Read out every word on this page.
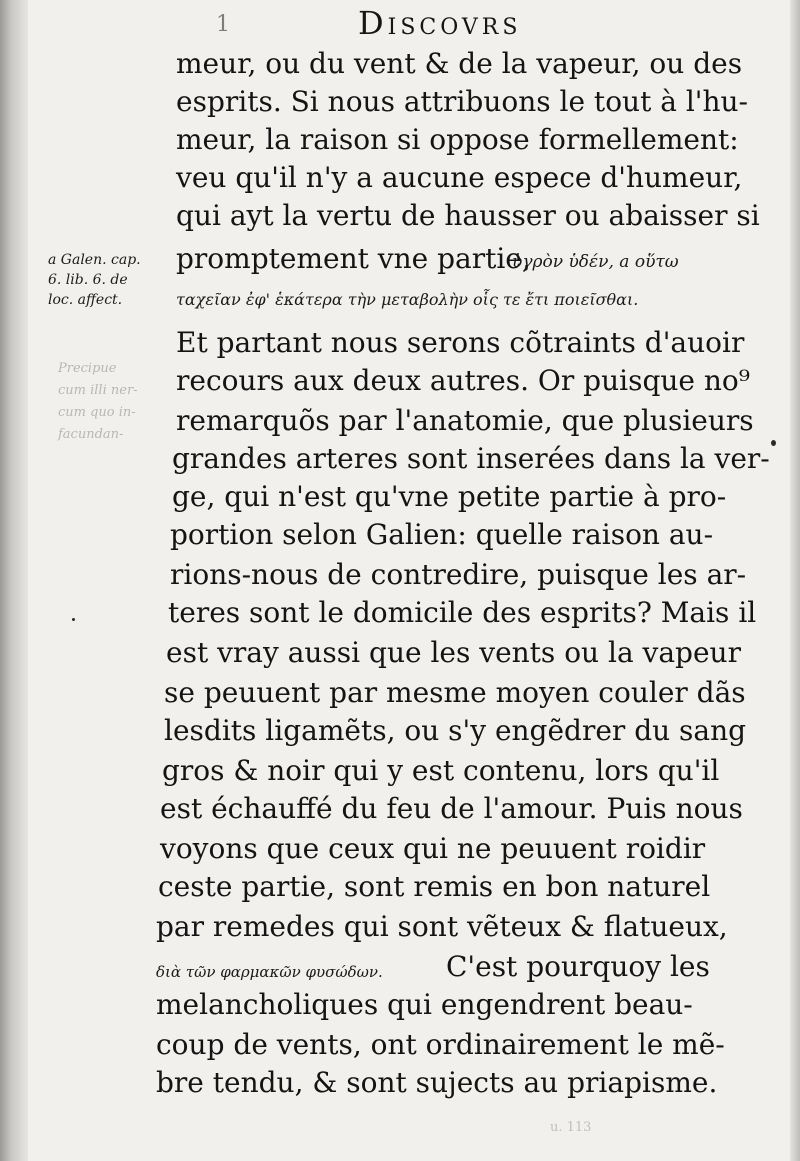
1	Discovrs
a Galen. cap.
6. lib. 6. de
loc. affect.
Precipue
cum illi ner-
cum quo in-
facundan-
meur, ou du vent & de la vapeur, ou des
esprits. Si nous attribuons le tout à l'hu-
meur, la raison si oppose formellement:
veu qu'il n'y a aucune espece d'humeur,
qui ayt la vertu de hausser ou abaisser si
promptement vne partie,
ὑγρὸν ὑδέν, a οὕτω
ταχεῖαν ἐφ' ἑκάτερα τὴν μεταβολὴν οἷς τε ἔτι ποιεῖσθαι.
Et partant nous serons cõtraints d'auoir
recours aux deux autres. Or puisque no⁹
remarquõs par l'anatomie, que plusieurs
grandes arteres sont inserées dans la ver-
ge, qui n'est qu'vne petite partie à pro-
portion selon Galien: quelle raison au-
rions-nous de contredire, puisque les ar-
teres sont le domicile des esprits? Mais il
est vray aussi que les vents ou la vapeur
se peuuent par mesme moyen couler dãs
lesdits ligamẽts, ou s'y engẽdrer du sang
gros & noir qui y est contenu, lors qu'il
est échauffé du feu de l'amour. Puis nous
voyons que ceux qui ne peuuent roidir
ceste partie, sont remis en bon naturel
par remedes qui sont vẽteux & flatueux,
διὰ τῶν φαρμακῶν φυσώδων. C'est pourquoy les
melancholiques qui engendrent beau-
coup de vents, ont ordinairement le mẽ-
bre tendu, & sont sujects au priapisme.
u. 113
